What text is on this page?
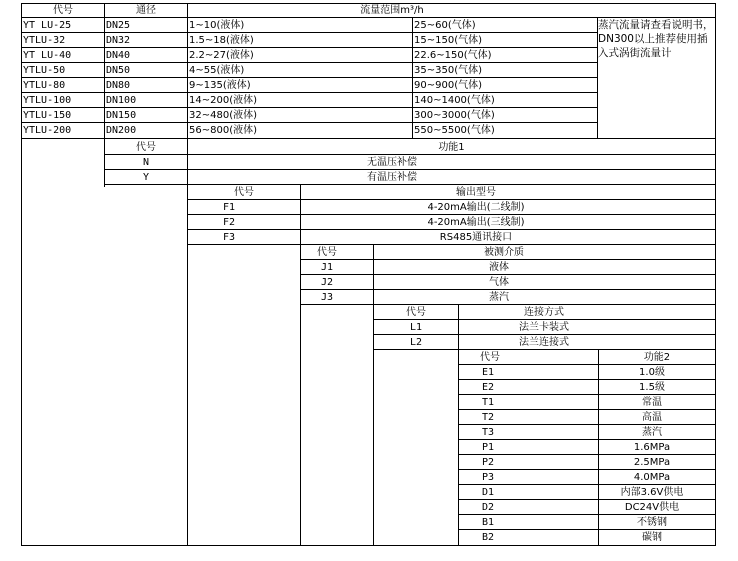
代号	通径	流量范围m³/h
YT LU-25	DN25	1~10(液体)	25~60(气体)
YTLU-32	DN32	1.5~18(液体)	15~150(气体)
YT LU-40	DN40	2.2~27(液体)	22.6~150(气体)
YTLU-50	DN50	4~55(液体)	35~350(气体)
YTLU-80	DN80	9~135(液体)	90~900(气体)
YTLU-100	DN100	14~200(液体)	140~1400(气体)
YTLU-150	DN150	32~480(液体)	300~3000(气体)
YTLU-200	DN200	56~800(液体)	550~5500(气体)
蒸汽流量请查看说明书，DN300以上推荐使用插入式涡街流量计
代号	功能1
N	无温压补偿
Y	有温压补偿
代号	输出型号
F1	4-20mA输出(二线制)
F2	4-20mA输出(三线制)
F3	RS485通讯接口
代号	被测介质
J1	液体
J2	气体
J3	蒸汽
代号	连接方式
L1	法兰卡装式
L2	法兰连接式
代号	功能2
E1	1.0级
E2	1.5级
T1	常温
T2	高温
T3	蒸汽
P1	1.6MPa
P2	2.5MPa
P3	4.0MPa
D1	内部3.6V供电
D2	DC24V供电
B1	不锈钢
B2	碳钢
